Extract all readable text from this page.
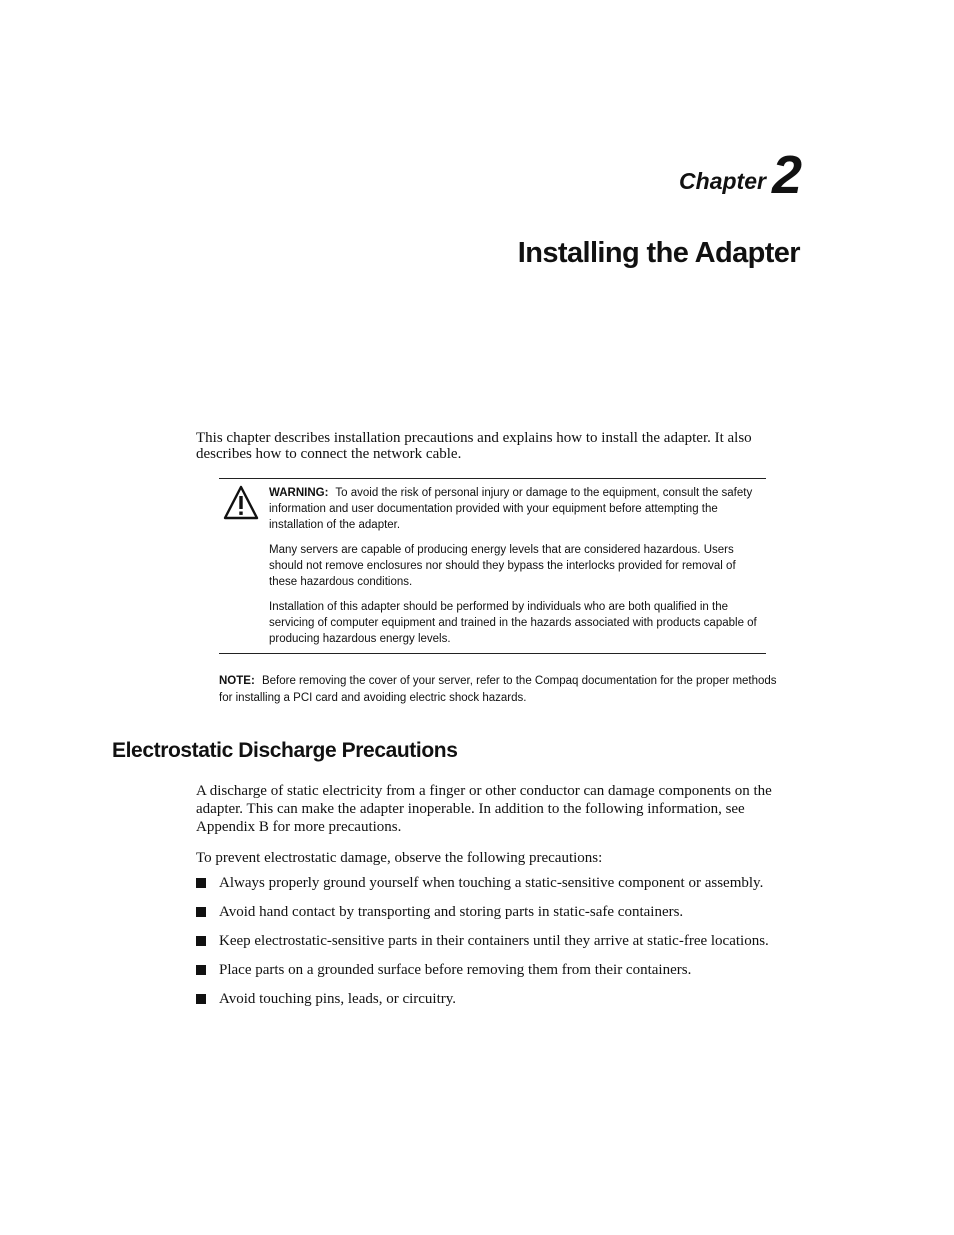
Chapter 2
Installing the Adapter

This chapter describes installation precautions and explains how to install the adapter. It also describes how to connect the network cable.

WARNING: To avoid the risk of personal injury or damage to the equipment, consult the safety information and user documentation provided with your equipment before attempting the installation of the adapter.

Many servers are capable of producing energy levels that are considered hazardous. Users should not remove enclosures nor should they bypass the interlocks provided for removal of these hazardous conditions.

Installation of this adapter should be performed by individuals who are both qualified in the servicing of computer equipment and trained in the hazards associated with products capable of producing hazardous energy levels.

NOTE: Before removing the cover of your server, refer to the Compaq documentation for the proper methods for installing a PCI card and avoiding electric shock hazards.

Electrostatic Discharge Precautions

A discharge of static electricity from a finger or other conductor can damage components on the adapter. This can make the adapter inoperable. In addition to the following information, see Appendix B for more precautions.

To prevent electrostatic damage, observe the following precautions:

Always properly ground yourself when touching a static-sensitive component or assembly.
Avoid hand contact by transporting and storing parts in static-safe containers.
Keep electrostatic-sensitive parts in their containers until they arrive at static-free locations.
Place parts on a grounded surface before removing them from their containers.
Avoid touching pins, leads, or circuitry.
